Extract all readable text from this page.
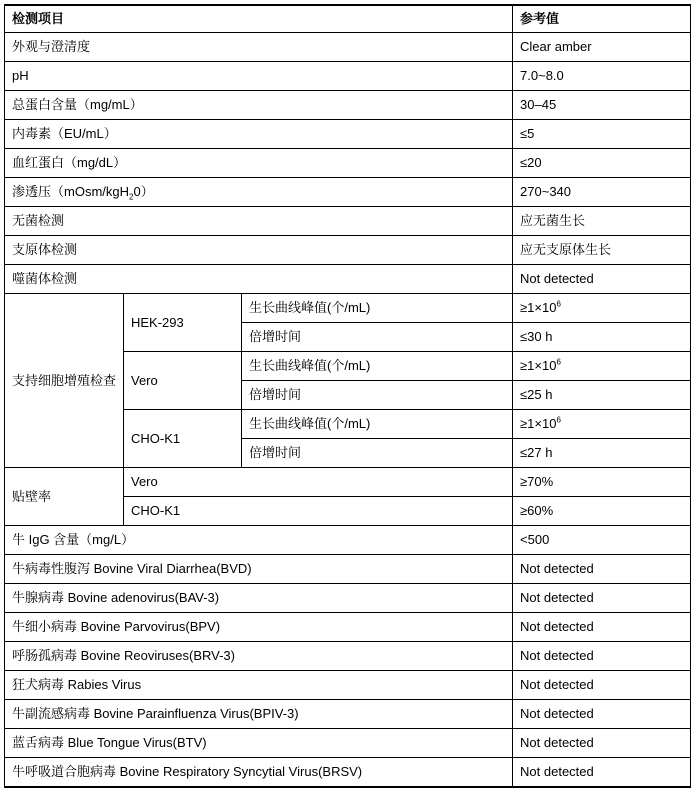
检测项目			参考值
外观与澄清度			Clear amber
pH			7.0~8.0
总蛋白含量（mg/mL）			30–45
内毒素（EU/mL）			≤5
血红蛋白（mg/dL）			≤20
渗透压（mOsm/kgH$_2$0）			270~340
无菌检测			应无菌生长
支原体检测			应无支原体生长
噬菌体检测			Not detected
支持细胞增殖检查	HEK-293	生长曲线峰值(个/mL)	$\ge 1\times 10^6$
		倍增时间	≤30 h
	Vero	生长曲线峰值(个/mL)	$\ge 1\times 10^6$
		倍增时间	≤25 h
	CHO-K1	生长曲线峰值(个/mL)	$\ge 1\times 10^6$
		倍增时间	≤27 h
贴壁率	Vero		≥70%
	CHO-K1		≥60%
牛 IgG 含量（mg/L）			<500
牛病毒性腹泻 Bovine Viral Diarrhea(BVD)			Not detected
牛腺病毒 Bovine adenovirus(BAV-3)			Not detected
牛细小病毒 Bovine Parvovirus(BPV)			Not detected
呼肠孤病毒 Bovine Reoviruses(BRV-3)			Not detected
狂犬病毒 Rabies Virus			Not detected
牛副流感病毒 Bovine Parainfluenza Virus(BPIV-3)			Not detected
蓝舌病毒 Blue Tongue Virus(BTV)			Not detected
牛呼吸道合胞病毒 Bovine Respiratory Syncytial Virus(BRSV)			Not detected
